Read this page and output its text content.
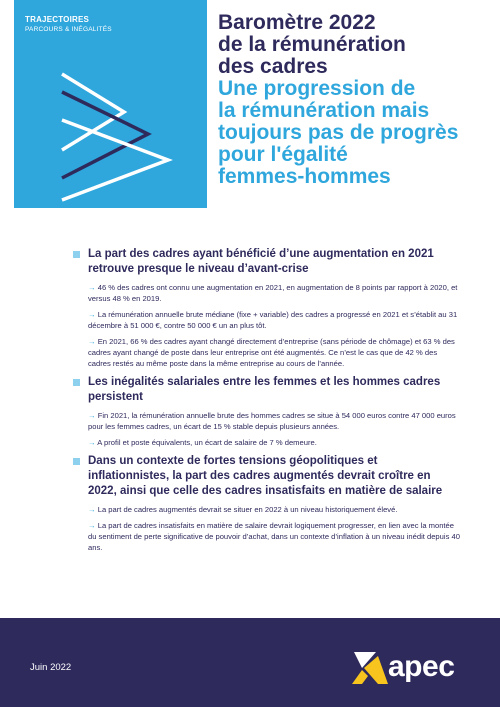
TRAJECTOIRES
PARCOURS & INÉGALITÉS	Baromètre 2022
de la rémunération
des cadres
Une progression de
la rémunération mais
toujours pas de progrès
pour l'égalité
femmes-hommes
La part des cadres ayant bénéficié d’une augmentation en 2021 retrouve presque le niveau d’avant-crise
→ 46 % des cadres ont connu une augmentation en 2021, en augmentation de 8 points par rapport à 2020, et versus 48 % en 2019.
→ La rémunération annuelle brute médiane (fixe + variable) des cadres a progressé en 2021 et s’établit au 31 décembre à 51 000 €, contre 50 000 € un an plus tôt.
→ En 2021, 66 % des cadres ayant changé directement d’entreprise (sans période de chômage) et 63 % des cadres ayant changé de poste dans leur entreprise ont été augmentés. Ce n’est le cas que de 42 % des cadres restés au même poste dans la même entreprise au cours de l’année.
Les inégalités salariales entre les femmes et les hommes cadres persistent
→ Fin 2021, la rémunération annuelle brute des hommes cadres se situe à 54 000 euros contre 47 000 euros pour les femmes cadres, un écart de 15 % stable depuis plusieurs années.
→ A profil et poste équivalents, un écart de salaire de 7 % demeure.
Dans un contexte de fortes tensions géopolitiques et inflationnistes, la part des cadres augmentés devrait croître en 2022, ainsi que celle des cadres insatisfaits en matière de salaire
→ La part de cadres augmentés devrait se situer en 2022 à un niveau historiquement élevé.
→ La part de cadres insatisfaits en matière de salaire devrait logiquement progresser, en lien avec la montée du sentiment de perte significative de pouvoir d’achat, dans un contexte d’inflation à un niveau inédit depuis 40 ans.
Juin 2022	apec
